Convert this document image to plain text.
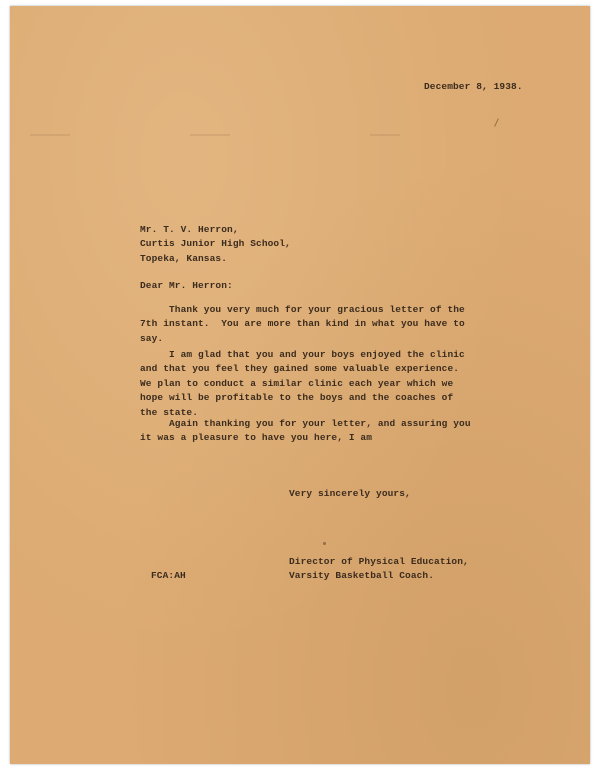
December 8, 1938.
Mr. T. V. Herron,
Curtis Junior High School,
Topeka, Kansas.
Dear Mr. Herron:
Thank you very much for your gracious letter of the
7th instant.  You are more than kind in what you have to
say.
I am glad that you and your boys enjoyed the clinic
and that you feel they gained some valuable experience.
We plan to conduct a similar clinic each year which we
hope will be profitable to the boys and the coaches of
the state.
Again thanking you for your letter, and assuring you
it was a pleasure to have you here, I am
Very sincerely yours,
Director of Physical Education,
Varsity Basketball Coach.
FCA:AH
